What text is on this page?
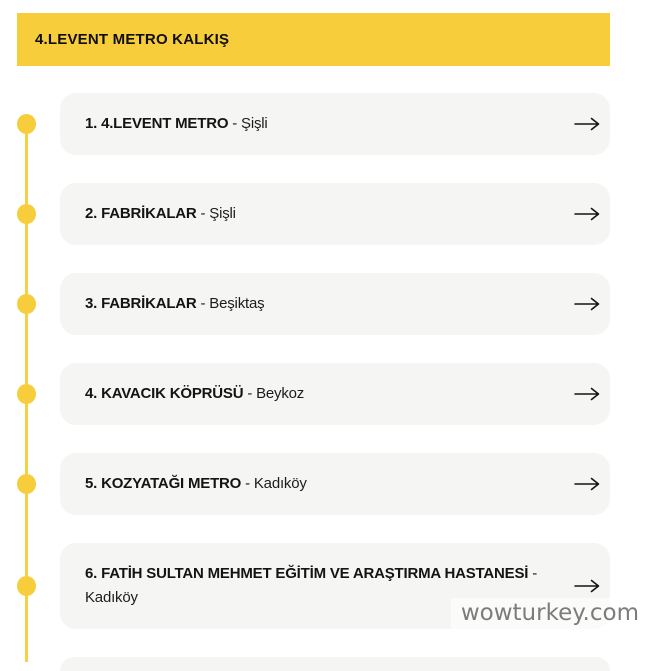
4.LEVENT METRO KALKIŞ
1. 4.LEVENT METRO - Şişli
2. FABRİKALAR - Şişli
3. FABRİKALAR - Beşiktaş
4. KAVACIK KÖPRÜSÜ - Beykoz
5. KOZYATAĞI METRO - Kadıköy
6. FATİH SULTAN MEHMET EĞİTİM VE ARAŞTIRMA HASTANESİ - Kadıköy
wowturkey.com
